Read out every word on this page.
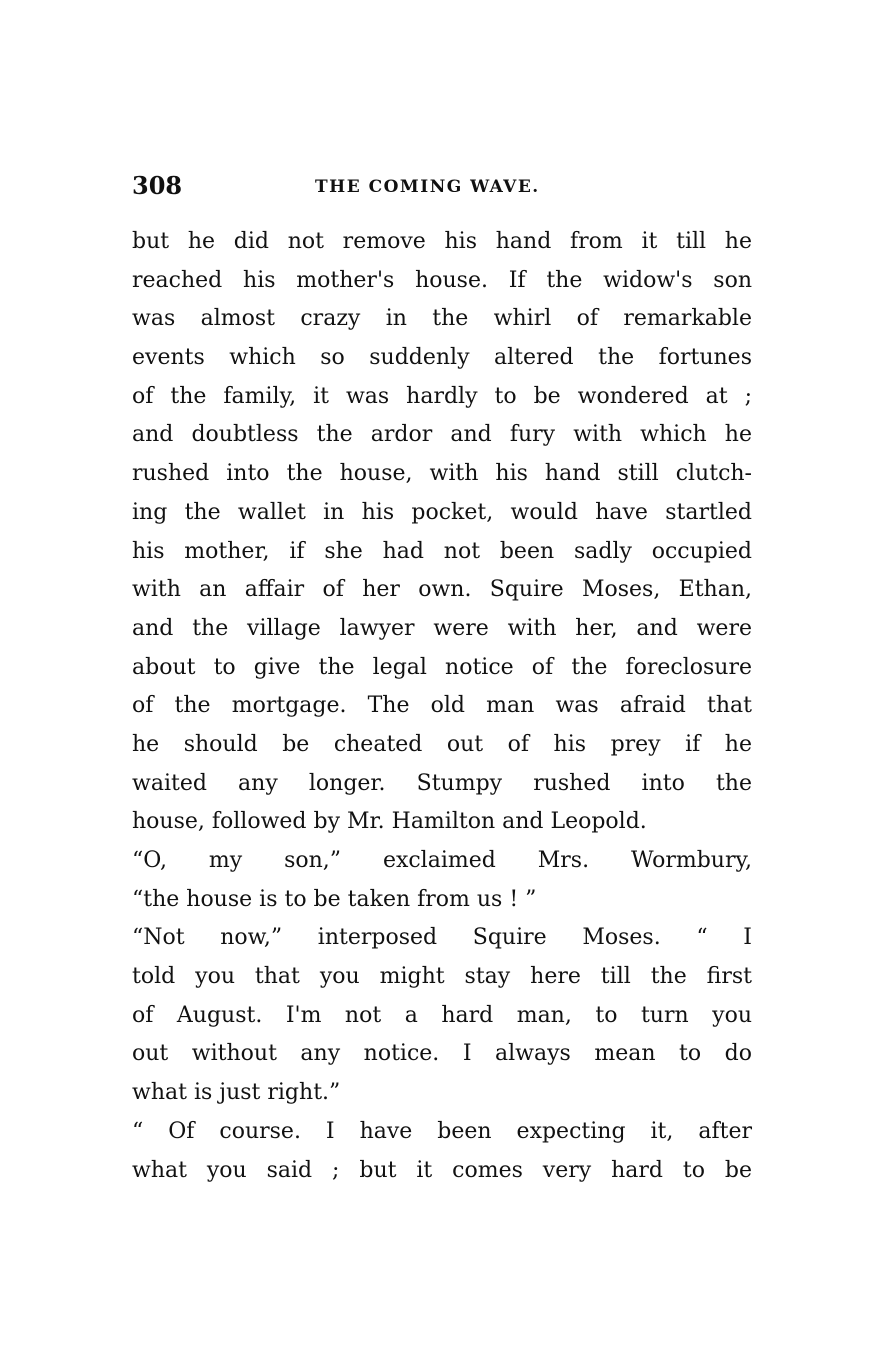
308	THE COMING WAVE.
but he did not remove his hand from it till he
reached his mother's house. If the widow's son
was almost crazy in the whirl of remarkable
events which so suddenly altered the fortunes
of the family, it was hardly to be wondered at ;
and doubtless the ardor and fury with which he
rushed into the house, with his hand still clutch-
ing the wallet in his pocket, would have startled
his mother, if she had not been sadly occupied
with an affair of her own. Squire Moses, Ethan,
and the village lawyer were with her, and were
about to give the legal notice of the foreclosure
of the mortgage. The old man was afraid that
he should be cheated out of his prey if he
waited any longer. Stumpy rushed into the
house, followed by Mr. Hamilton and Leopold.
“O, my son,” exclaimed Mrs. Wormbury,
“the house is to be taken from us ! ”
“Not now,” interposed Squire Moses. “ I
told you that you might stay here till the first
of August. I'm not a hard man, to turn you
out without any notice. I always mean to do
what is just right.”
“ Of course. I have been expecting it, after
what you said ; but it comes very hard to be
